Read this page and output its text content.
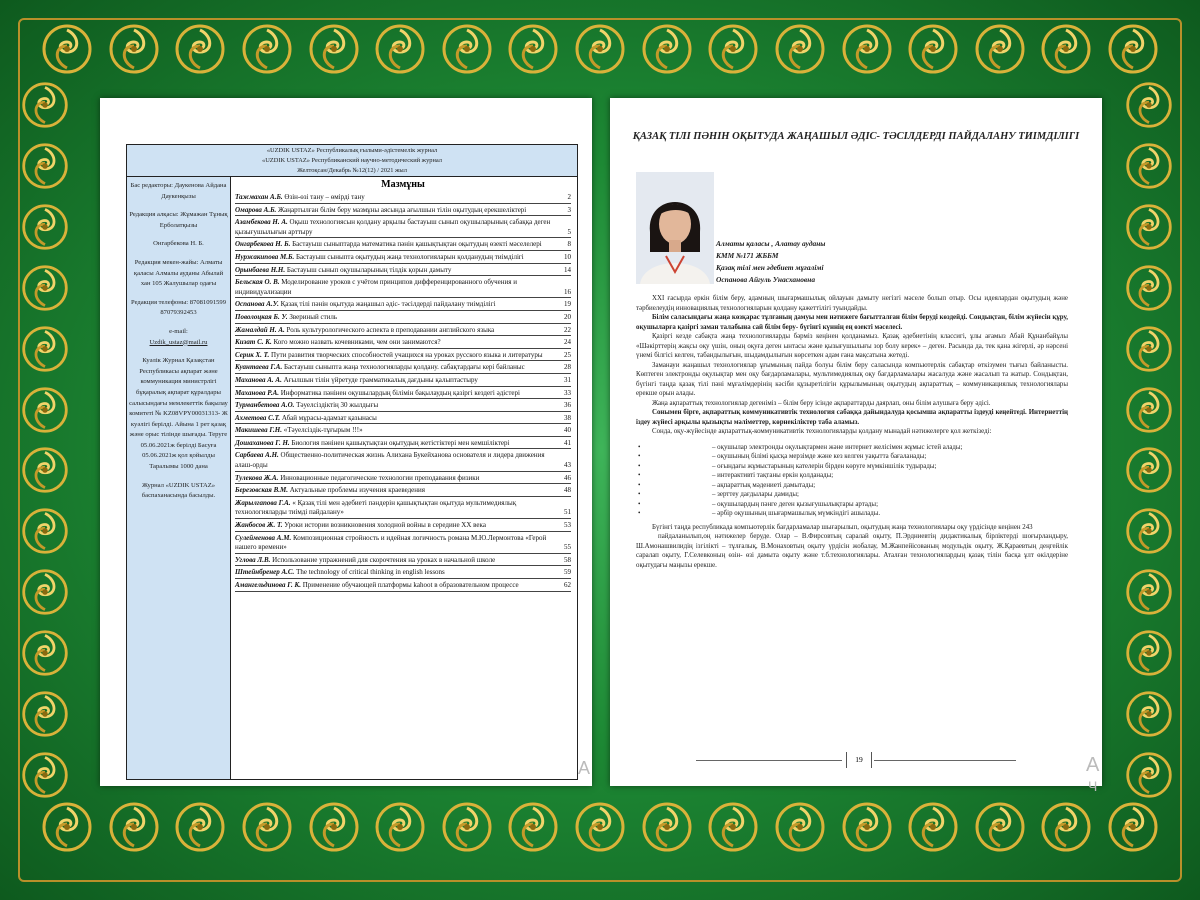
«UZDIK USTAZ» Республикалық ғылыми-әдістемелік журнал
«UZDIK USTAZ» Республиканский научно-методический журнал
Желтоқсан/Декабрь №12(12) / 2021 жыл

Бас редакторы: Даукенова Айдана Даукенқызы

Редакция алқасы: Жұмажан Тұнық Ерболатқызы

Онгарбекова Н. Б.

Редакция мекен-жайы: Алматы қаласы Алмалы ауданы Абылай хан 105 Жалушылар одағы

Редакция телефоны: 87081091599 87079392453

e-mail:

Uzdik_ustaz@mail.ru

Куәлік Журнал Қазақстан Республикасы ақпарат және коммуникация министрлігі бұқаралық ақпарат құралдары салысындағы мемлекеттік бақылау комитеті № KZ08VPY00031313- Ж куәлігі берілді. Айына 1 рет қазақ және орыс тілінде шығады. Теруге 05.06.2021ж берілді Басуға 05.06.2021ж қол қойылды Таралымы 1000 дана

Журнал «UZDIK USTAZ» баспаханасында басылды.

Мазмұны
Тажмахан А.Б. Өзін-өзі тану – өмірді тану	2
Омарова А.Б. Жаңартылған білім беру мазмұны аясында ағылшын тілін оқытудың ерекшеліктері	3
Азамбекова Н. А. Оқыш технологиясын қолдану арқылы бастауыш сынып оқушыларының сабаққа деген қызығушылығын арттыру	5
Онгарбекова Н. Б. Бастауыш сыныптарда математика пәнін қашықтықтан оқытудың өзекті мәселелері	8
Нуржакипова М.Б. Бастауыш сыныпта оқытудың жаңа технологияларын қолданудың тиімділігі	10
Орынбаева Н.Н. Бастауыш сынып оқушыларының тілдік қорын дамыту	14
Бельская О. В. Моделирование уроков с учётом принципов дифференцированного обучения и индивидуализации	16
Оспанова А.У. Қазақ тілі пәнін оқытуда жаңашыл әдіс- тәсілдерді пайдалану тиімділігі	19
Поволоцкая Б. У. Звериный стиль	20
Жамалдай Н. А. Роль культурологического аспекта в преподавании английского языка	22
Кизат С. К. Кого можно назвать кочевниками, чем они занимаются?	24
Серик Х. Т. Пути развития творческих способностей учащихся на уроках русского языка и литературы	25
Куантаева Г.А. Бастауыш сыныпта жаңа технологияларды қолдану. сабақтардағы кері байланыс	28
Маханова А. А. Ағылшын тілін үйретуде грамматикалық дағдыны қалыптастыру	31
Маханова Р.А. Информатика пәнінен оқушылардың білімін бақылаудың қазіргі кездегі әдістері	33
Турманбетова А.О. Тәуелсіздіктің 30 жылдығы	36
Ахметова С.Т. Абай мұрасы-адамзат қазынасы	38
Макишева Г.Н. «Тәуелсіздік-тұғырым !!!»	40
Дошаханова Г. Н. Биология пәнінен қашықтықтан оқытудың жетістіктері мен кемшіліктері	41
Сарбаева А.Н. Общественно-политическая жизнь Алихана Букейханова основателя и лидера движения алаш-орды	43
Тулекова Ж.А. Инновационные педагогические технологии преподавания физики	46
Березовская В.М. Актуальные проблемы изучения краеведения	48
Жарылгапова Г.А. « Қазақ тілі мен әдебиеті пәндерін қашықтықтан оқытуда мультимедиялық технологияларды тиімді пайдалану»	51
Жанбосов Ж. Т. Уроки истории возникновения холодной войны в середине XX века	53
Сулейменова А.М. Композиционная стройность и идейная логичность романа М.Ю.Лермонтова «Герой нашего времени»	55
Углова Л.В. Использование упражнений для скорочтения на уроках в начальной школе	58
Штейнбренер А.С. The technology of critical thinking in english lessons	59
Амангельдинова Г. К. Применение обучающей платформы kahoot в образовательном процессе	62
А
ҚАЗАҚ ТІЛІ ПӘНІН ОҚЫТУДА ЖАҢАШЫЛ ӘДІС- ТӘСІЛДЕРДІ ПАЙДАЛАНУ ТИІМДІЛІГІ
Алматы қаласы , Алатау ауданы
КММ №171 ЖББМ
Қазақ тілі мен әдебиет мұғалімі
Оспанова Айгуль Унасхановна

XXI ғасырда еркін білім беру, адамның шығармашылық ойлауын дамыту негізгі мәселе болып отыр. Осы идеялардан оқытудың және тәрбиелеудің инновациялық технологияларын қолдану қажеттілігі туындайды.

Білім саласындағы жаңа көзқарас тұлғаның дамуы мен нәтижеге бағытталған білім беруді көздейді. Сондықтан, білім жүйесін құру, оқушыларға қазіргі заман талабына сай білім беру- бүгінгі күннің ең өзекті мәселесі.

Қазіргі кезде сабақта жаңа технологияларды бәрміз кеңінен қолданамыз. Қазақ әдебиетінің классигі, ұлы ағамыз Абай Құнанбайұлы «Шәкірттерің жақсы оқу үшін, оның оқуға деген ынтасы және қызығушылығы зор болу керек» – деген. Расында да, тек қана жігерлі, әр нәрсені үнемі білгісі келген, табандылығын, шыдамдылығын көрсеткен адам ғана мақсатына жетеді.

Заманауи жаңашыл технологиялар ұғымының пайда болуы білім беру саласында компьютерлік сабақтар өткізумен тығыз байланысты. Көптеген электронды оқулықтар мен оқу бағдарламалары, мультимедиялық оқу бағдарламалары жасалуда және жасалып та жатыр. Сондықтан, бүгінгі таңда қазақ тілі пәні мұғалімдерінің кәсіби құзыретілігін құрылымының оқытудың ақпараттық – коммуникациялық технологиялары ерекше орын алады.

Жаңа ақпараттық технологиялар дегеніміз – білім беру ісінде ақпараттарды даярлап, оны білім алушыға беру әдісі.

Сонымен бірге, ақпараттық коммуникативтік технология сабаққа дайындалуда қосымша ақпаратты іздеуді кеңейтеді. Интернеттің іздеу жүйесі арқылы қызықты мәліметтер, көрнекіліктер таба аламыз.

Сонда, оқу-жүйесінде ақпараттық-коммуникативтік технологияларды қолдану мынадай нәтижелерге қол жеткізеді:

• – оқушылар электронды оқулықтармен және интернет желісімен жұмыс істей алады;
• – оқушының білімі қысқа мерзімде және кез келген уақытта бағаланады;
• – оғындағы жұмыстарының кателерін бірден көруге мүмкіншілік тудырады;
• – интерактивті тақтаны еркін қолданады;
• – ақпараттық мәдениеті дамытады;
• – зерттеу дағдылары дамиды;
• – оқушылардың пәнге деген қызығушылықтары артады;
• – әрбір оқушының шығармашылық мүмкіндігі ашылады.

Бүгінгі таңда республикада компьютерлік бағдарламалар шығарылып, оқытудың жаңа технологиялары оқу үрдісінде кеңінен 243

пайдаланылып,оң нәтижелер беруде. Олар – В.Фирсовтың саралай оқыту, П.Эрдниевтің дидактикалық бірліктерді шоғырландыру, Ш.Амонашвилидің ізгілікті – тұлғалық, В.Монаховтың оқыту үрдісін жобалау, М.Жанпейісованың модульдік оқыту, Ж.Қараевтың деңгейлік саралап оқыту, Г.Селевконың өзін- өзі дамыта оқыту және т.б.технологиялары. Аталған технологиялардың қазақ тілін басқа ұлт өкілдеріне оқытудағы маңызы ерекше.

19	А
Ч
